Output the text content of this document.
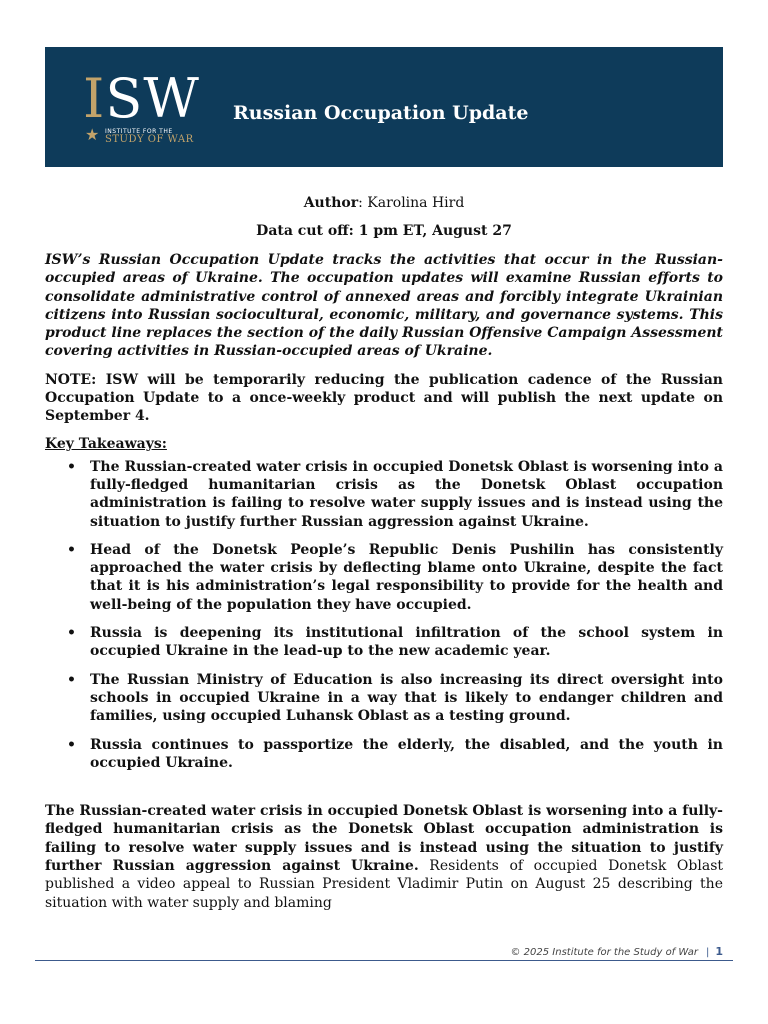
ISW
★ INSTITUTE FOR THE
STUDY OF WAR
Russian Occupation Update

Author: Karolina Hird

Data cut off: 1 pm ET, August 27

ISW’s Russian Occupation Update tracks the activities that occur in the Russian-occupied areas of Ukraine. The occupation updates will examine Russian efforts to consolidate administrative control of annexed areas and forcibly integrate Ukrainian citizens into Russian sociocultural, economic, military, and governance systems. This product line replaces the section of the daily Russian Offensive Campaign Assessment covering activities in Russian-occupied areas of Ukraine.

NOTE: ISW will be temporarily reducing the publication cadence of the Russian Occupation Update to a once-weekly product and will publish the next update on September 4.

Key Takeaways:
• The Russian-created water crisis in occupied Donetsk Oblast is worsening into a fully-fledged humanitarian crisis as the Donetsk Oblast occupation administration is failing to resolve water supply issues and is instead using the situation to justify further Russian aggression against Ukraine.
• Head of the Donetsk People’s Republic Denis Pushilin has consistently approached the water crisis by deflecting blame onto Ukraine, despite the fact that it is his administration’s legal responsibility to provide for the health and well-being of the population they have occupied.
• Russia is deepening its institutional infiltration of the school system in occupied Ukraine in the lead-up to the new academic year.
• The Russian Ministry of Education is also increasing its direct oversight into schools in occupied Ukraine in a way that is likely to endanger children and families, using occupied Luhansk Oblast as a testing ground.
• Russia continues to passportize the elderly, the disabled, and the youth in occupied Ukraine.

The Russian-created water crisis in occupied Donetsk Oblast is worsening into a fully-fledged humanitarian crisis as the Donetsk Oblast occupation administration is failing to resolve water supply issues and is instead using the situation to justify further Russian aggression against Ukraine. Residents of occupied Donetsk Oblast published a video appeal to Russian President Vladimir Putin on August 25 describing the situation with water supply and blaming

© 2025 Institute for the Study of War | 1
